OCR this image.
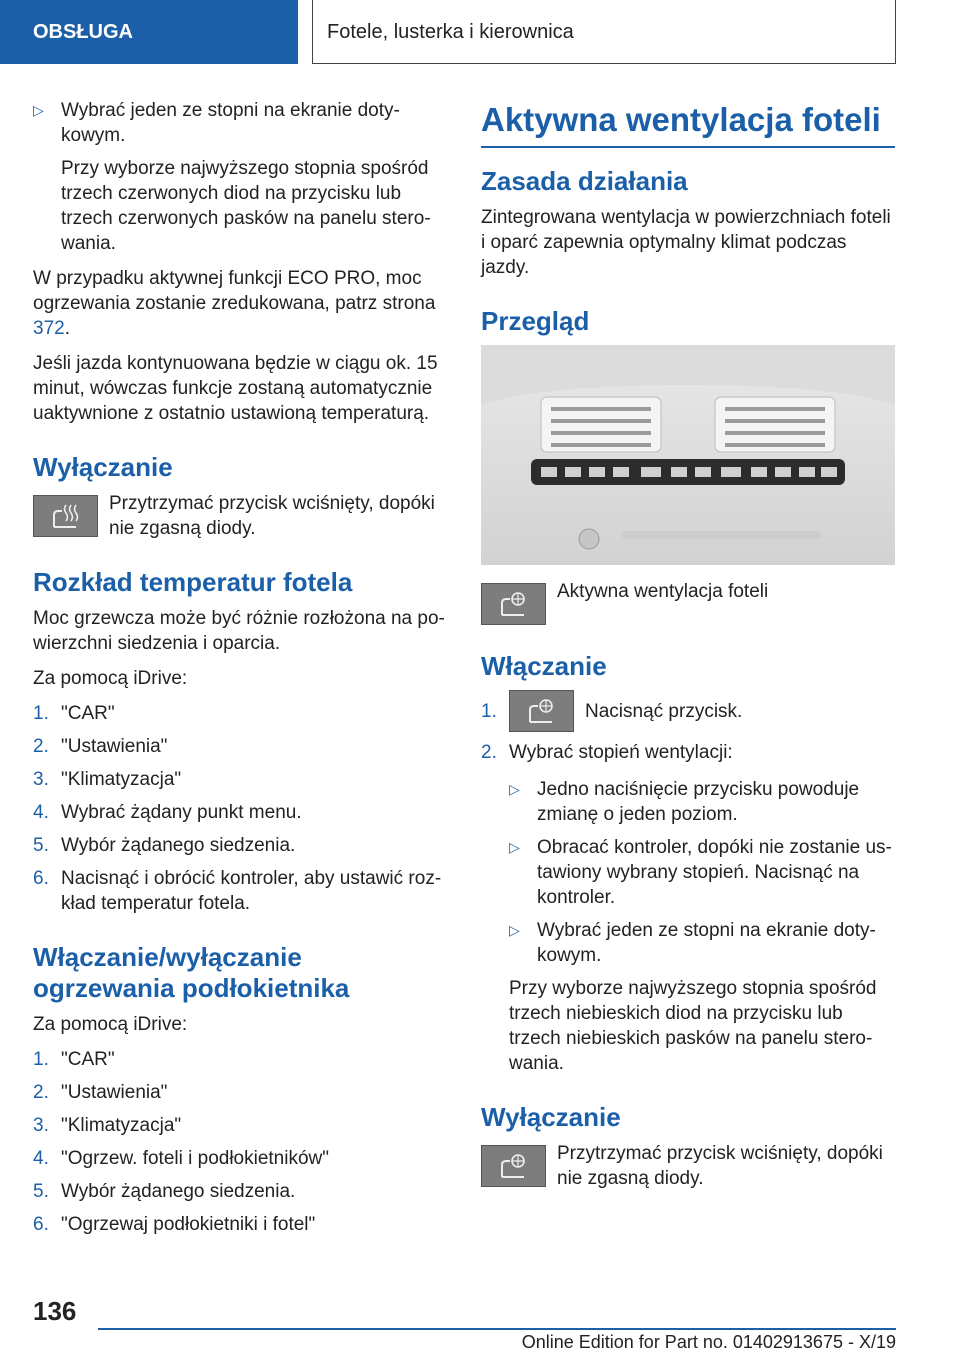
OBSŁUGA	Fotele, lusterka i kierownica
▷ Wybrać jeden ze stopni na ekranie dotykowym.

Przy wyborze najwyższego stopnia spośród trzech czerwonych diod na przycisku lub trzech czerwonych pasków na panelu sterowania.

W przypadku aktywnej funkcji ECO PRO, moc ogrzewania zostanie zredukowana, patrz strona 372.

Jeśli jazda kontynuowana będzie w ciągu ok. 15 minut, wówczas funkcje zostaną automatycznie uaktywnione z ostatnio ustawioną temperaturą.

Wyłączanie
Przytrzymać przycisk wciśnięty, dopóki nie zgasną diody.
Rozkład temperatur fotela

Moc grzewcza może być różnie rozłożona na powierzchni siedzenia i oparcia.

Za pomocą iDrive:

1. "CAR"
2. "Ustawienia"
3. "Klimatyzacja"
4. Wybrać żądany punkt menu.
5. Wybór żądanego siedzenia.
6. Nacisnąć i obrócić kontroler, aby ustawić rozkład temperatur fotela.
Włączanie/wyłączanie ogrzewania podłokietnika

Za pomocą iDrive:

1. "CAR"
2. "Ustawienia"
3. "Klimatyzacja"
4. "Ogrzew. foteli i podłokietników"
5. Wybór żądanego siedzenia.
6. "Ogrzewaj podłokietniki i fotel"
Aktywna wentylacja foteli
Zasada działania

Zintegrowana wentylacja w powierzchniach foteli i oparć zapewnia optymalny klimat podczas jazdy.

Przegląd
Aktywna wentylacja foteli
Włączanie
1.	Nacisnąć przycisk.
2. Wybrać stopień wentylacji:
▷ Jedno naciśnięcie przycisku powoduje zmianę o jeden poziom.
▷ Obracać kontroler, dopóki nie zostanie ustawiony wybrany stopień. Nacisnąć na kontroler.
▷ Wybrać jeden ze stopni na ekranie dotykowym.

Przy wyborze najwyższego stopnia spośród trzech niebieskich diod na przycisku lub trzech niebieskich pasków na panelu sterowania.

Wyłączanie
Przytrzymać przycisk wciśnięty, dopóki nie zgasną diody.
136
Online Edition for Part no. 01402913675 - X/19
